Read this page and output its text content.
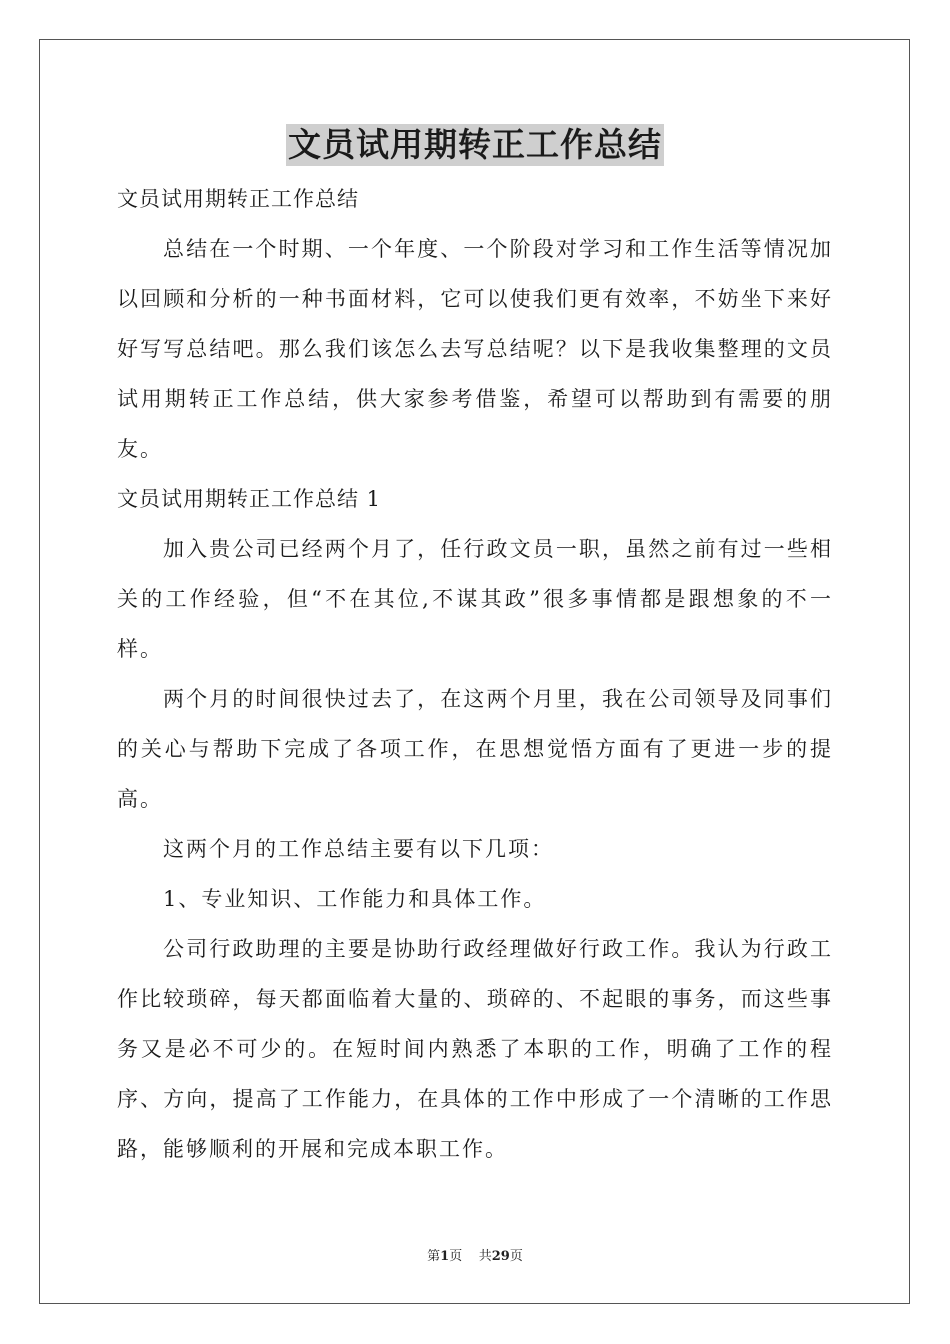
文员试用期转正工作总结

文员试用期转正工作总结

总结在一个时期、一个年度、一个阶段对学习和工作生活等情况加以回顾和分析的一种书面材料，它可以使我们更有效率，不妨坐下来好好写写总结吧。那么我们该怎么去写总结呢？以下是我收集整理的文员试用期转正工作总结，供大家参考借鉴，希望可以帮助到有需要的朋友。

文员试用期转正工作总结 1

加入贵公司已经两个月了，任行政文员一职，虽然之前有过一些相关的工作经验，但“不在其位,不谋其政”很多事情都是跟想象的不一样。

两个月的时间很快过去了，在这两个月里，我在公司领导及同事们的关心与帮助下完成了各项工作，在思想觉悟方面有了更进一步的提高。

这两个月的工作总结主要有以下几项：

1、专业知识、工作能力和具体工作。

公司行政助理的主要是协助行政经理做好行政工作。我认为行政工作比较琐碎，每天都面临着大量的、琐碎的、不起眼的事务，而这些事务又是必不可少的。在短时间内熟悉了本职的工作，明确了工作的程序、方向，提高了工作能力，在具体的工作中形成了一个清晰的工作思路，能够顺利的开展和完成本职工作。

第1页 共29页
